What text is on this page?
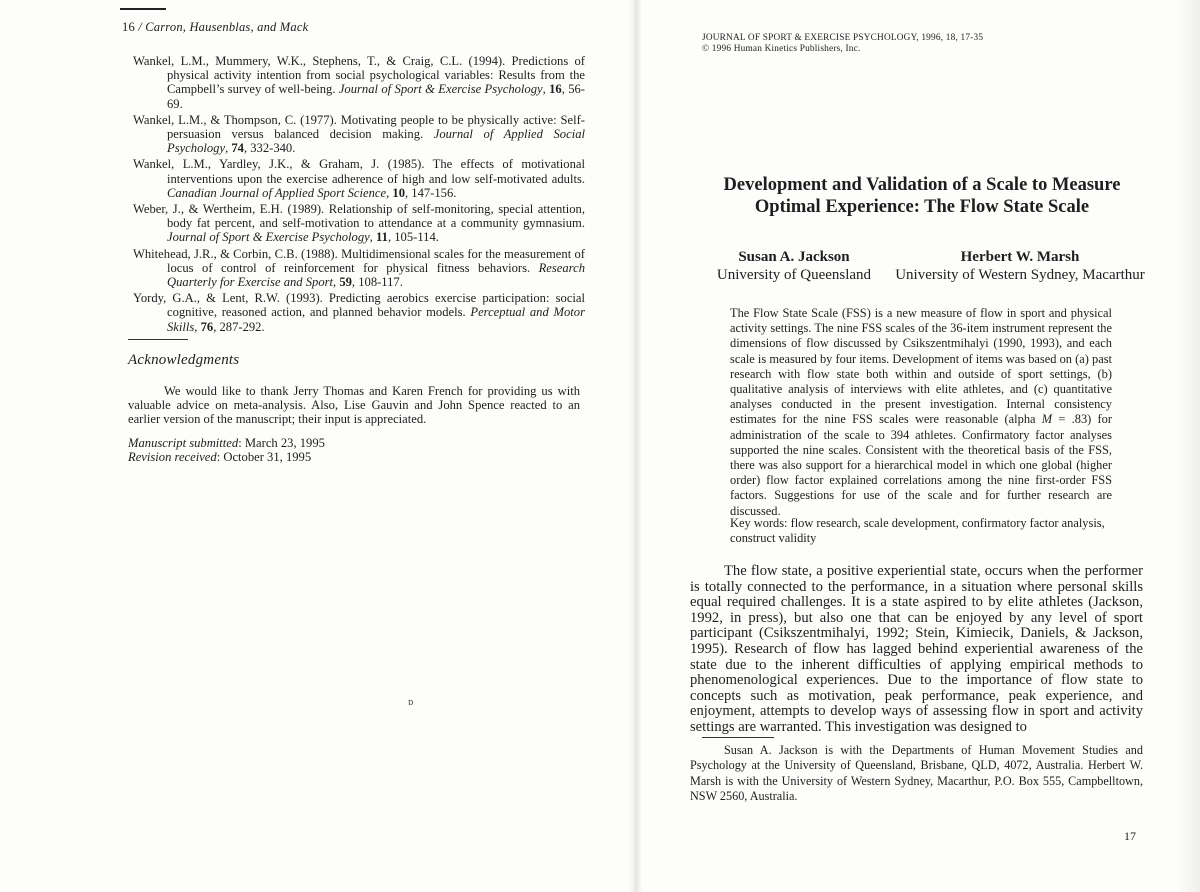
16 / Carron, Hausenblas, and Mack

Wankel, L.M., Mummery, W.K., Stephens, T., & Craig, C.L. (1994). Predictions of physical activity intention from social psychological variables: Results from the Campbell’s survey of well-being. Journal of Sport & Exercise Psychology, 16, 56-69.

Wankel, L.M., & Thompson, C. (1977). Motivating people to be physically active: Self-persuasion versus balanced decision making. Journal of Applied Social Psychology, 74, 332-340.

Wankel, L.M., Yardley, J.K., & Graham, J. (1985). The effects of motivational interventions upon the exercise adherence of high and low self-motivated adults. Canadian Journal of Applied Sport Science, 10, 147-156.

Weber, J., & Wertheim, E.H. (1989). Relationship of self-monitoring, special attention, body fat percent, and self-motivation to attendance at a community gymnasium. Journal of Sport & Exercise Psychology, 11, 105-114.

Whitehead, J.R., & Corbin, C.B. (1988). Multidimensional scales for the measurement of locus of control of reinforcement for physical fitness behaviors. Research Quarterly for Exercise and Sport, 59, 108-117.

Yordy, G.A., & Lent, R.W. (1993). Predicting aerobics exercise participation: social cognitive, reasoned action, and planned behavior models. Perceptual and Motor Skills, 76, 287-292.

Acknowledgments
We would like to thank Jerry Thomas and Karen French for providing us with valuable advice on meta-analysis. Also, Lise Gauvin and John Spence reacted to an earlier version of the manuscript; their input is appreciated.
Manuscript submitted: March 23, 1995
Revision received: October 31, 1995
ɒ
JOURNAL OF SPORT & EXERCISE PSYCHOLOGY, 1996, 18, 17-35
© 1996 Human Kinetics Publishers, Inc.
Development and Validation of a Scale to Measure
Optimal Experience: The Flow State Scale
Susan A. Jackson
University of Queensland
Herbert W. Marsh
University of Western Sydney, Macarthur
The Flow State Scale (FSS) is a new measure of flow in sport and physical activity settings. The nine FSS scales of the 36-item instrument represent the dimensions of flow discussed by Csikszentmihalyi (1990, 1993), and each scale is measured by four items. Development of items was based on (a) past research with flow state both within and outside of sport settings, (b) qualitative analysis of interviews with elite athletes, and (c) quantitative analyses conducted in the present investigation. Internal consistency estimates for the nine FSS scales were reasonable (alpha M = .83) for administration of the scale to 394 athletes. Confirmatory factor analyses supported the nine scales. Consistent with the theoretical basis of the FSS, there was also support for a hierarchical model in which one global (higher order) flow factor explained correlations among the nine first-order FSS factors. Suggestions for use of the scale and for further research are discussed.
Key words: flow research, scale development, confirmatory factor analysis, construct validity
The flow state, a positive experiential state, occurs when the performer is totally connected to the performance, in a situation where personal skills equal required challenges. It is a state aspired to by elite athletes (Jackson, 1992, in press), but also one that can be enjoyed by any level of sport participant (Csikszentmihalyi, 1992; Stein, Kimiecik, Daniels, & Jackson, 1995). Research of flow has lagged behind experiential awareness of the state due to the inherent difficulties of applying empirical methods to phenomenological experiences. Due to the importance of flow state to concepts such as motivation, peak performance, peak experience, and enjoyment, attempts to develop ways of assessing flow in sport and activity settings are warranted. This investigation was designed to
Susan A. Jackson is with the Departments of Human Movement Studies and Psychology at the University of Queensland, Brisbane, QLD, 4072, Australia. Herbert W. Marsh is with the University of Western Sydney, Macarthur, P.O. Box 555, Campbelltown, NSW 2560, Australia.
17
